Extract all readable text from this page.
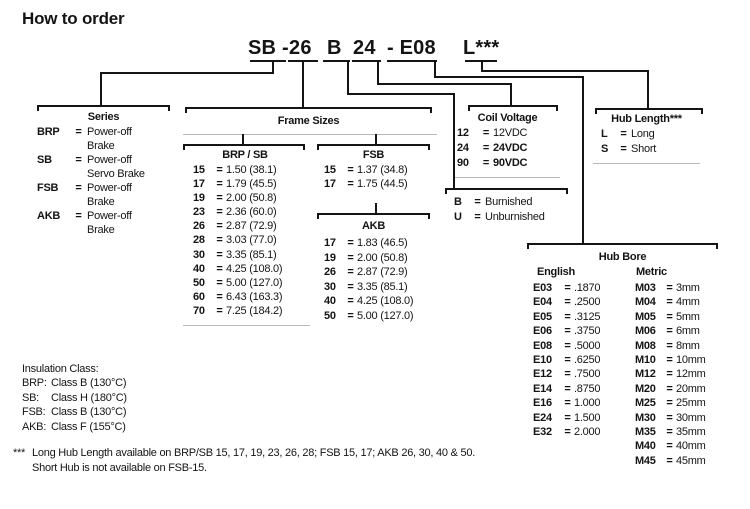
How to order
SB - 26 B 24 - E08 L***
Series
BRP	= Power-off Brake
SB	= Power-off Servo Brake
FSB	= Power-off Brake
AKB	= Power-off Brake
Frame Sizes
BRP / SB
15	= 1.50 (38.1)
17	= 1.79 (45.5)
19	= 2.00 (50.8)
23	= 2.36 (60.0)
26	= 2.87 (72.9)
28	= 3.03 (77.0)
30	= 3.35 (85.1)
40	= 4.25 (108.0)
50	= 5.00 (127.0)
60	= 6.43 (163.3)
70	= 7.25 (184.2)
FSB
15	= 1.37 (34.8)
17	= 1.75 (44.5)
AKB
17	= 1.83 (46.5)
19	= 2.00 (50.8)
26	= 2.87 (72.9)
30	= 3.35 (85.1)
40	= 4.25 (108.0)
50	= 5.00 (127.0)
Coil Voltage
12	= 12VDC
24	= 24VDC
90	= 90VDC
B	= Burnished
U	= Unburnished
Hub Length***
L	= Long
S	= Short
Hub Bore
English	Metric
E03	= .1870
E04	= .2500
E05	= .3125
E06	= .3750
E08	= .5000
E10	= .6250
E12	= .7500
E14	= .8750
E16	= 1.000
E24	= 1.500
E32	= 2.000
M03 = 3mm
M04 = 4mm
M05 = 5mm
M06 = 6mm
M08 = 8mm
M10 = 10mm
M12 = 12mm
M20 = 20mm
M25 = 25mm
M30 = 30mm
M35 = 35mm
M40 = 40mm
M45 = 45mm
Insulation Class:
BRP: Class B (130°C)
SB:	Class H (180°C)
FSB: Class B (130°C)
AKB: Class F (155°C)
*** Long Hub Length available on BRP/SB 15, 17, 19, 23, 26, 28; FSB 15, 17; AKB 26, 30, 40 & 50.
Short Hub is not available on FSB-15.
